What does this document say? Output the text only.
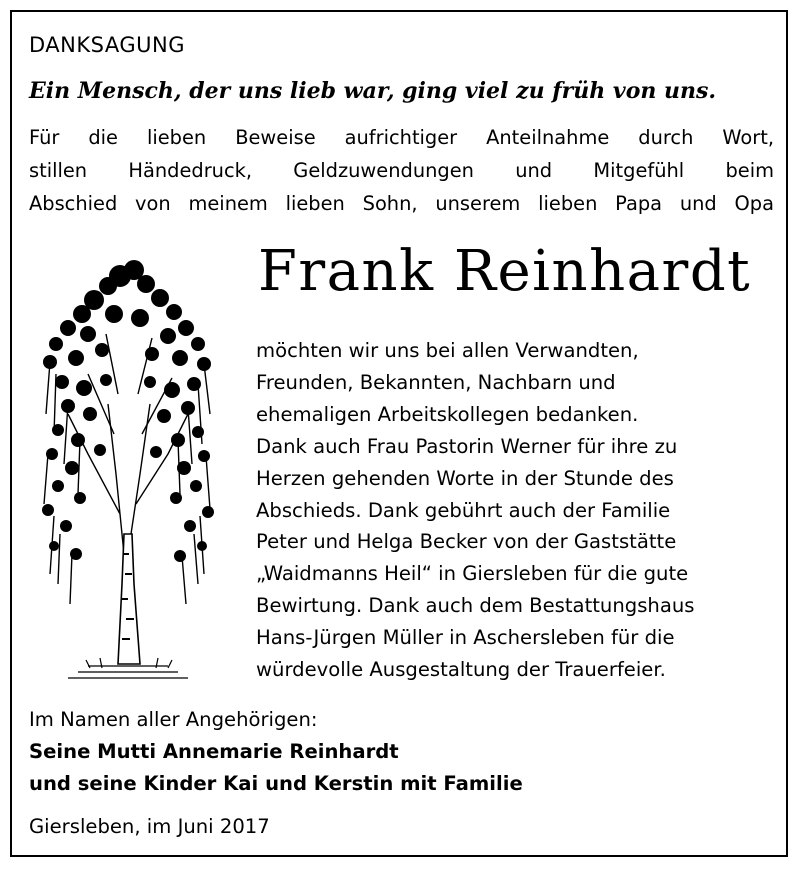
DANKSAGUNG
Ein Mensch, der uns lieb war, ging viel zu früh von uns.
Für die lieben Beweise aufrichtiger Anteilnahme durch Wort,
stillen Händedruck, Geldzuwendungen und Mitgefühl beim
Abschied von meinem lieben Sohn, unserem lieben Papa und Opa
Frank Reinhardt
möchten wir uns bei allen Verwandten,
Freunden, Bekannten, Nachbarn und
ehemaligen Arbeitskollegen bedanken.
Dank auch Frau Pastorin Werner für ihre zu
Herzen gehenden Worte in der Stunde des
Abschieds. Dank gebührt auch der Familie
Peter und Helga Becker von der Gaststätte
„Waidmanns Heil“ in Giersleben für die gute
Bewirtung. Dank auch dem Bestattungshaus
Hans-Jürgen Müller in Aschersleben für die
würdevolle Ausgestaltung der Trauerfeier.
Im Namen aller Angehörigen:
Seine Mutti Annemarie Reinhardt
und seine Kinder Kai und Kerstin mit Familie
Giersleben, im Juni 2017
